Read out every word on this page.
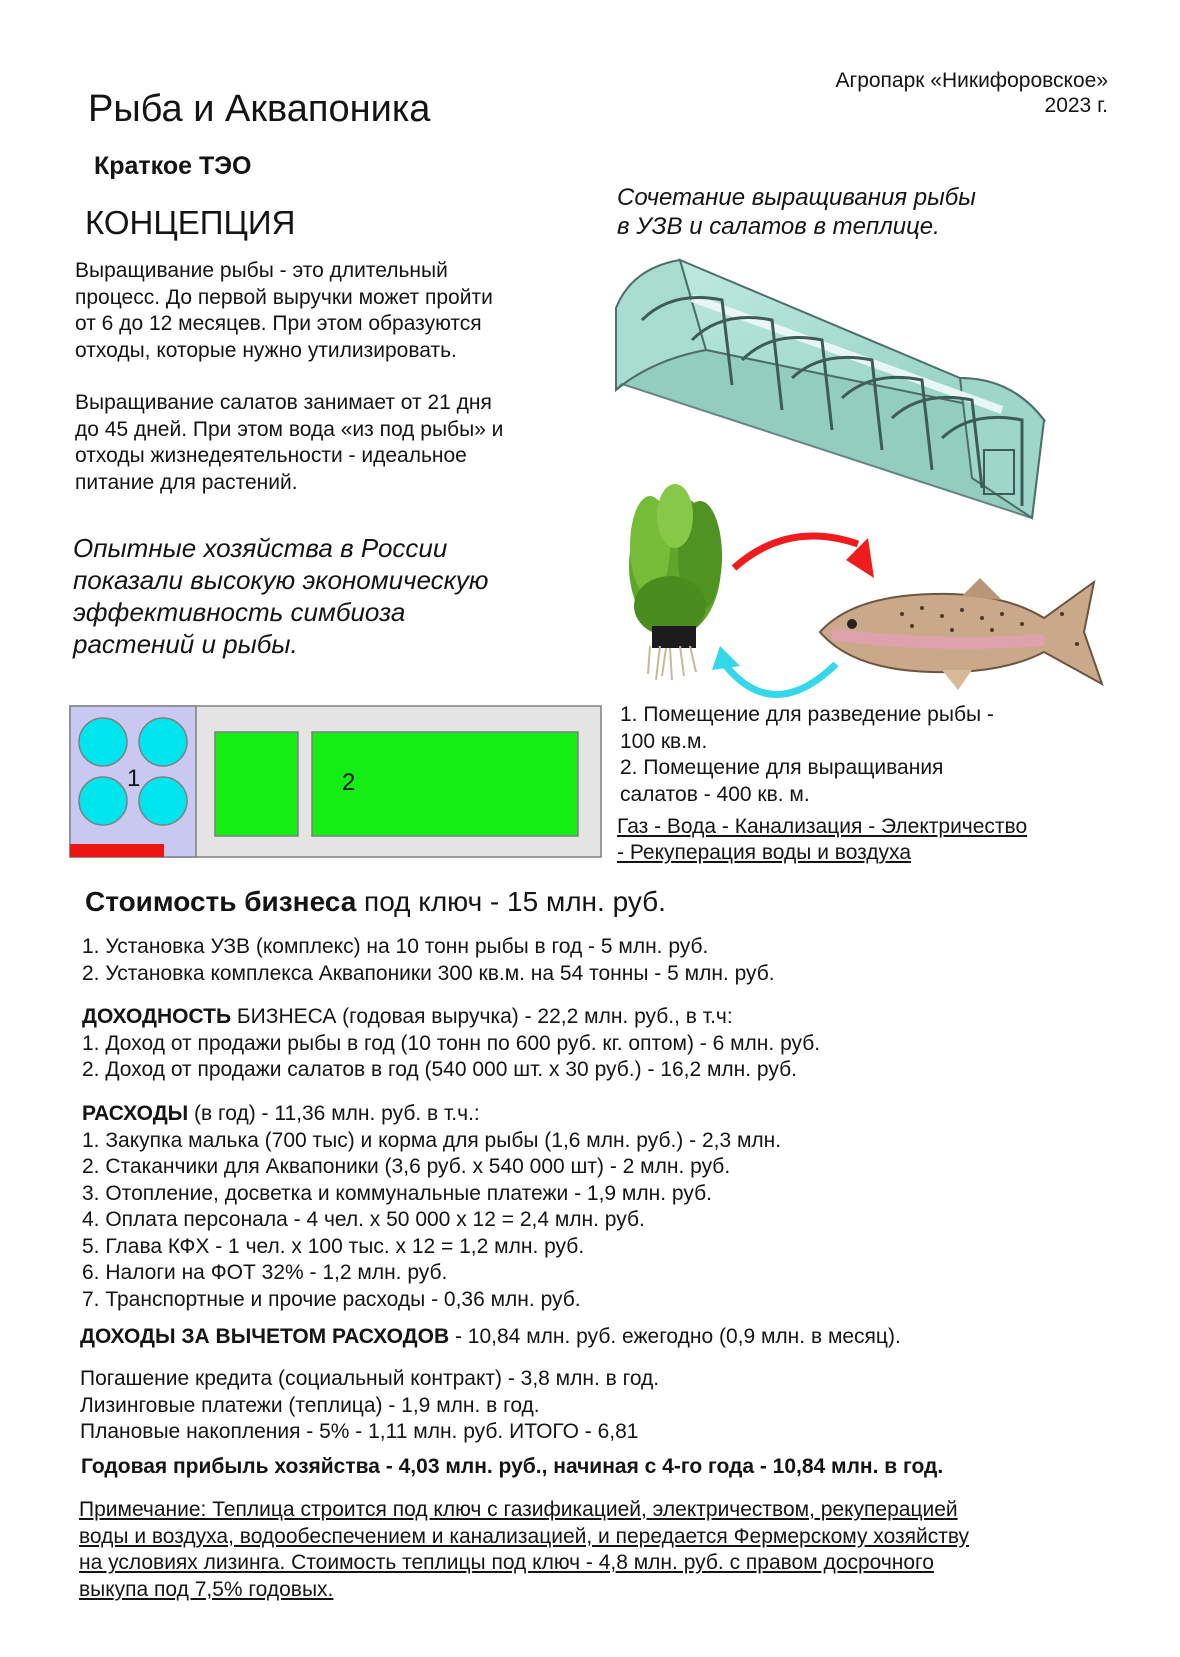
Агропарк «Никифоровское»
2023 г.
Рыба и Аквапоника
Краткое ТЭО
КОНЦЕПЦИЯ
Выращивание рыбы - это длительный
процесс. До первой выручки может пройти
от 6 до 12 месяцев. При этом образуются
отходы, которые нужно утилизировать.
Выращивание салатов занимает от 21 дня
до 45 дней. При этом вода «из под рыбы» и
отходы жизнедеятельности - идеальное
питание для растений.
Опытные хозяйства в России
показали высокую экономическую
эффективность симбиоза
растений и рыбы.
Сочетание выращивания рыбы
в УЗВ и салатов в теплице.
1	2
1. Помещение для разведение рыбы -
100 кв.м.
2. Помещение для выращивания
салатов - 400 кв. м.
Газ - Вода - Канализация - Электричество
- Рекуперация воды и воздуха
Стоимость бизнеса под ключ - 15 млн. руб.

1. Установка УЗВ (комплекс) на 10 тонн рыбы в год - 5 млн. руб.

2. Установка комплекса Аквапоники 300 кв.м. на 54 тонны - 5 млн. руб.

ДОХОДНОСТЬ БИЗНЕСА (годовая выручка) - 22,2 млн. руб., в т.ч:

1. Доход от продажи рыбы в год (10 тонн по 600 руб. кг. оптом) - 6 млн. руб.

2. Доход от продажи салатов в год (540 000 шт. х 30 руб.) - 16,2 млн. руб.

РАСХОДЫ (в год) - 11,36 млн. руб. в т.ч.:

1. Закупка малька (700 тыс) и корма для рыбы (1,6 млн. руб.) - 2,3 млн.

2. Стаканчики для Аквапоники (3,6 руб. х 540 000 шт) - 2 млн. руб.

3. Отопление, досветка и коммунальные платежи - 1,9 млн. руб.

4. Оплата персонала - 4 чел. х 50 000 х 12 = 2,4 млн. руб.

5. Глава КФХ - 1 чел. х 100 тыс. х 12 = 1,2 млн. руб.

6. Налоги на ФОТ 32% - 1,2 млн. руб.

7. Транспортные и прочие расходы - 0,36 млн. руб.

ДОХОДЫ ЗА ВЫЧЕТОМ РАСХОДОВ - 10,84 млн. руб. ежегодно (0,9 млн. в месяц).

Погашение кредита (социальный контракт) - 3,8 млн. в год.

Лизинговые платежи (теплица) - 1,9 млн. в год.

Плановые накопления - 5% - 1,11 млн. руб. ИТОГО - 6,81

Годовая прибыль хозяйства - 4,03 млн. руб., начиная с 4-го года - 10,84 млн. в год.
Примечание: Теплица строится под ключ с газификацией, электричеством, рекуперацией
воды и воздуха, водообеспечением и канализацией, и передается Фермерскому хозяйству
на условиях лизинга. Стоимость теплицы под ключ - 4,8 млн. руб. с правом досрочного
выкупа под 7,5% годовых.
